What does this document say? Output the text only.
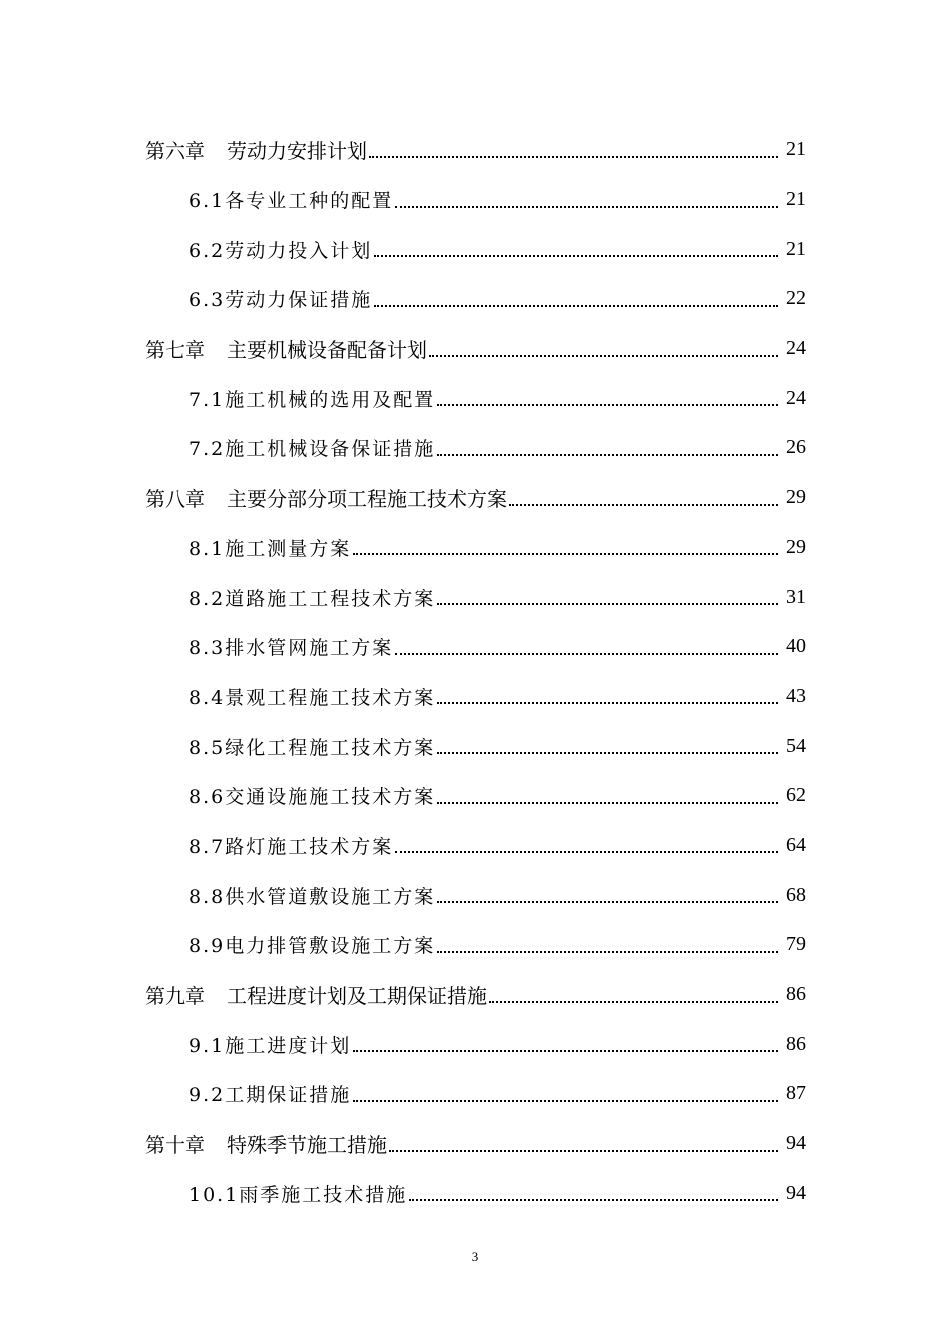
第六章 劳动力安排计划	21
6.1各专业工种的配置	21
6.2劳动力投入计划	21
6.3劳动力保证措施	22
第七章 主要机械设备配备计划	24
7.1施工机械的选用及配置	24
7.2施工机械设备保证措施	26
第八章 主要分部分项工程施工技术方案	29
8.1施工测量方案	29
8.2道路施工工程技术方案	31
8.3排水管网施工方案	40
8.4景观工程施工技术方案	43
8.5绿化工程施工技术方案	54
8.6交通设施施工技术方案	62
8.7路灯施工技术方案	64
8.8供水管道敷设施工方案	68
8.9电力排管敷设施工方案	79
第九章 工程进度计划及工期保证措施	86
9.1施工进度计划	86
9.2工期保证措施	87
第十章 特殊季节施工措施	94
10.1雨季施工技术措施	94
3
